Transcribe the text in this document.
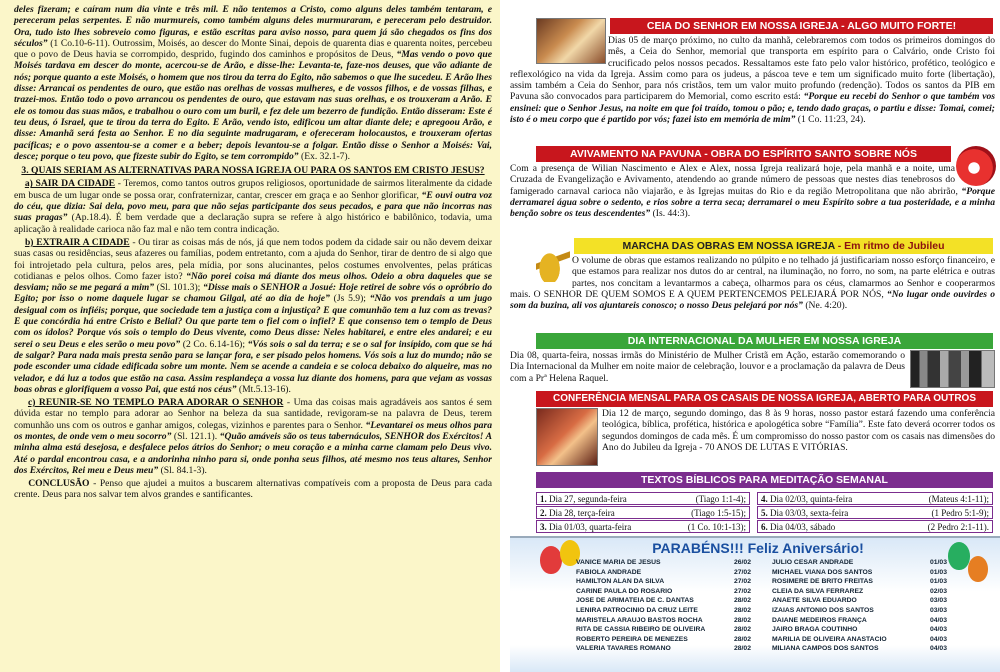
deles fizeram; e caíram num dia vinte e três mil. E não tentemos a Cristo, como alguns deles também tentaram, e pereceram pelas serpentes. E não murmureis, como também alguns deles murmuraram, e pereceram pelo destruidor. Ora, tudo isto lhes sobreveio como figuras, e estão escritas para aviso nosso, para quem já são chegados os fins dos séculos” (1 Co.10-6-11). Outrossim, Moisés, ao descer do Monte Sinai, depois de quarenta dias e quarenta noites, percebeu que o povo de Deus havia se corrompido, desprido, fugindo dos caminhos e propósitos de Deus, “Mas vendo o povo que Moisés tardava em descer do monte, acercou-se de Arão, e disse-lhe: Levanta-te, faze-nos deuses, que vão adiante de nós; porque quanto a este Moisés, o homem que nos tirou da terra do Egito, não sabemos o que lhe sucedeu. E Arão lhes disse: Arrancai os pendentes de ouro, que estão nas orelhas de vossas mulheres, e de vossos filhos, e de vossas filhas, e trazei-mos. Então todo o povo arrancou os pendentes de ouro, que estavam nas suas orelhas, e os trouxeram a Arão. E ele os tomou das suas mãos, e trabalhou o ouro com um buril, e fez dele um bezerro de fundição. Então disseram: Este é teu deus, ó Israel, que te tirou da terra do Egito. E Arão, vendo isto, edificou um altar diante dele; e apregoou Arão, e disse: Amanhã será festa ao Senhor. E no dia seguinte madrugaram, e ofereceram holocaustos, e trouxeram ofertas pacíficas; e o povo assentou-se a comer e a beber; depois levantou-se a folgar. Então disse o Senhor a Moisés: Vai, desce; porque o teu povo, que fizeste subir do Egito, se tem corrompido” (Ex. 32.1-7).

3. QUAIS SERIAM AS ALTERNATIVAS PARA NOSSA IGREJA OU PARA OS SANTOS EM CRISTO JESUS?

a) SAIR DA CIDADE - Teremos, como tantos outros grupos religiosos, oportunidade de sairmos literalmente da cidade em busca de um lugar onde se possa orar, confraternizar, cantar, crescer em graça e ao Senhor glorificar, “E ouvi outra voz do céu, que dizia: Sai dela, povo meu, para que não sejas participante dos seus pecados, e para que não incorras nas suas pragas” (Ap.18.4). É bem verdade que a declaração supra se refere à algo histórico e babilônico, todavia, uma aplicação à realidade carioca não faz mal e não tem contra indicação.

b) EXTRAIR A CIDADE - Ou tirar as coisas más de nós, já que nem todos podem da cidade sair ou não devem deixar suas casas ou residências, seus afazeres ou famílias, podem entretanto, com a ajuda do Senhor, tirar de dentro de si algo que foi introjetado pela cultura, pelos ares, pela mídia, por sons alucinantes, pelos costumes envolventes, pelas práticas cotidianas e pelos olhos. Como fazer isto? “Não porei coisa má diante dos meus olhos. Odeio a obra daqueles que se desviam; não se me pegará a mim” (Sl. 101.3); “Disse mais o SENHOR a Josué: Hoje retirei de sobre vós o opróbrio do Egito; por isso o nome daquele lugar se chamou Gilgal, até ao dia de hoje” (Js 5.9); “Não vos prendais a um jugo desigual com os infiéis; porque, que sociedade tem a justiça com a injustiça? E que comunhão tem a luz com as trevas? E que concórdia há entre Cristo e Belial? Ou que parte tem o fiel com o infiel? E que consenso tem o templo de Deus com os ídolos? Porque vós sois o templo do Deus vivente, como Deus disse: Neles habitarei, e entre eles andarei; e eu serei o seu Deus e eles serão o meu povo” (2 Co. 6.14-16); “Vós sois o sal da terra; e se o sal for insípido, com que se há de salgar? Para nada mais presta senão para se lançar fora, e ser pisado pelos homens. Vós sois a luz do mundo; não se pode esconder uma cidade edificada sobre um monte. Nem se acende a candeia e se coloca debaixo do alqueire, mas no velador, e dá luz a todos que estão na casa. Assim resplandeça a vossa luz diante dos homens, para que vejam as vossas boas obras e glorifiquem a vosso Pai, que está nos céus” (Mt.5.13-16).

c) REUNIR-SE NO TEMPLO PARA ADORAR O SENHOR - Uma das coisas mais agradáveis aos santos é sem dúvida estar no templo para adorar ao Senhor na beleza da sua santidade, revigoram-se na palavra de Deus, terem comunhão uns com os outros e ganhar amigos, colegas, vizinhos e parentes para o Senhor. “Levantarei os meus olhos para os montes, de onde vem o meu socorro” (Sl. 121.1). “Quão amáveis são os teus tabernáculos, SENHOR dos Exércitos! A minha alma está desejosa, e desfalece pelos átrios do Senhor; o meu coração e a minha carne clamam pelo Deus vivo. Até o pardal encontrou casa, e a andorinha ninho para si, onde ponha seus filhos, até mesmo nos teus altares, Senhor dos Exércitos, Rei meu e Deus meu” (Sl. 84.1-3).

CONCLUSÃO - Penso que ajudei a muitos a buscarem alternativas compatíveis com a proposta de Deus para cada crente. Deus para nos salvar tem alvos grandes e santificantes.

CEIA DO SENHOR EM NOSSA IGREJA - ALGO MUITO FORTE!
Dias 05 de março próximo, no culto da manhã, celebraremos com todos os primeiros domingos do mês, a Ceia do Senhor, memorial que transporta em espírito para o Calvário, onde Cristo foi crucificado pelos nossos pecados. Ressaltamos este fato pelo valor histórico, profético, teológico e reflexológico na vida da Igreja. Assim como para os judeus, a páscoa teve e tem um significado muito forte (libertação), assim também a Ceia do Senhor, para nós cristãos, tem um valor muito profundo (redenção). Todos os santos da PIB em Pavuna são convocados para participarem do Memorial, como escrito está: “Porque eu recebi do Senhor o que também vos ensinei: que o Senhor Jesus, na noite em que foi traído, tomou o pão; e, tendo dado graças, o partiu e disse: Tomai, comei; isto é o meu corpo que é partido por vós; fazei isto em memória de mim” (1 Co. 11:23, 24).
AVIVAMENTO NA PAVUNA - OBRA DO ESPÍRITO SANTO SOBRE NÓS
Com a presença de Wilian Nascimento e Alex e Alex, nossa Igreja realizará hoje, pela manhã e a noite, uma Cruzada de Evangelização e Avivamento, atendendo ao grande número de pessoas que nestes dias tenebrosos do famigerado carnaval carioca não viajarão, e às Igrejas muitas do Rio e da região Metropolitana que não abrirão, “Porque derramarei água sobre o sedento, e rios sobre a terra seca; derramarei o meu Espírito sobre a tua posteridade, e a minha benção sobre os teus descendentes” (Is. 44:3).
MARCHA DAS OBRAS EM NOSSA IGREJA - Em ritmo de Jubileu
O volume de obras que estamos realizando no púlpito e no telhado já justificariam nosso esforço financeiro, e que estamos para realizar nos dutos do ar central, na iluminação, no forro, no som, na parte elétrica e outras partes, nos concitam a levantarmos a cabeça, olharmos para os céus, clamarmos ao Senhor e cooperarmos mais. O SENHOR DE QUEM SOMOS E A QUEM PERTENCEMOS PELEJARÁ POR NÓS, “No lugar onde ouvirdes o som da buzina, ali vos ajuntareis conosco; o nosso Deus pelejará por nós” (Ne. 4:20).
DIA INTERNACIONAL DA MULHER EM NOSSA IGREJA
Dia 08, quarta-feira, nossas irmãs do Ministério de Mulher Cristã em Ação, estarão comemorando o Dia Internacional da Mulher em noite maior de celebração, louvor e a proclamação da palavra de Deus com a Prª Helena Raquel.
CONFERÊNCIA MENSAL PARA OS CASAIS DE NOSSA IGREJA, ABERTO PARA OUTROS
Dia 12 de março, segundo domingo, das 8 às 9 horas, nosso pastor estará fazendo uma conferência teológica, bíblica, profética, histórica e apologética sobre “Família”. Este fato deverá ocorrer todos os segundos domingos de cada mês. É um compromisso do nosso pastor com os casais nas dimensões do Ano do Jubileu da Igreja - 70 ANOS DE LUTAS E VITÓRIAS.
TEXTOS BÍBLICOS PARA MEDITAÇÃO SEMANAL
1. Dia 27, segunda-feira	(Tiago 1:1-4);
2. Dia 28, terça-feira	(Tiago 1:5-15);
3. Dia 01/03, quarta-feira	(1 Co. 10:1-13);
4. Dia 02/03, quinta-feira	(Mateus 4:1-11);
5. Dia 03/03, sexta-feira	(1 Pedro 5:1-9);
6. Dia 04/03, sábado	(2 Pedro 2:1-11).
PARABÉNS!!! Feliz Aniversário!
VANICE MARIA DE JESUS	26/02
FABIOLA ANDRADE	27/02
HAMILTON ALAN DA SILVA	27/02
CARINE PAULA DO ROSARIO	27/02
JOSE DE ARIMATEIA DE C. DANTAS	28/02
LENIRA PATROCINIO DA CRUZ LEITE	28/02
MARISTELA ARAUJO BASTOS ROCHA	28/02
RITA DE CASSIA RIBEIRO DE OLIVEIRA	28/02
ROBERTO PEREIRA DE MENEZES	28/02
VALERIA TAVARES ROMANO	28/02
JULIO CESAR ANDRADE	01/03
MICHAEL VIANA DOS SANTOS	01/03
ROSIMERE DE BRITO FREITAS	01/03
CLEIA DA SILVA FERRAREZ	02/03
ANAETE SILVA EDUARDO	03/03
IZAIAS ANTONIO DOS SANTOS	03/03
DAIANE MEDEIROS FRANÇA	04/03
JAIRO BRAGA COUTINHO	04/03
MARILIA DE OLIVEIRA ANASTACIO	04/03
MILIANA CAMPOS DOS SANTOS	04/03
